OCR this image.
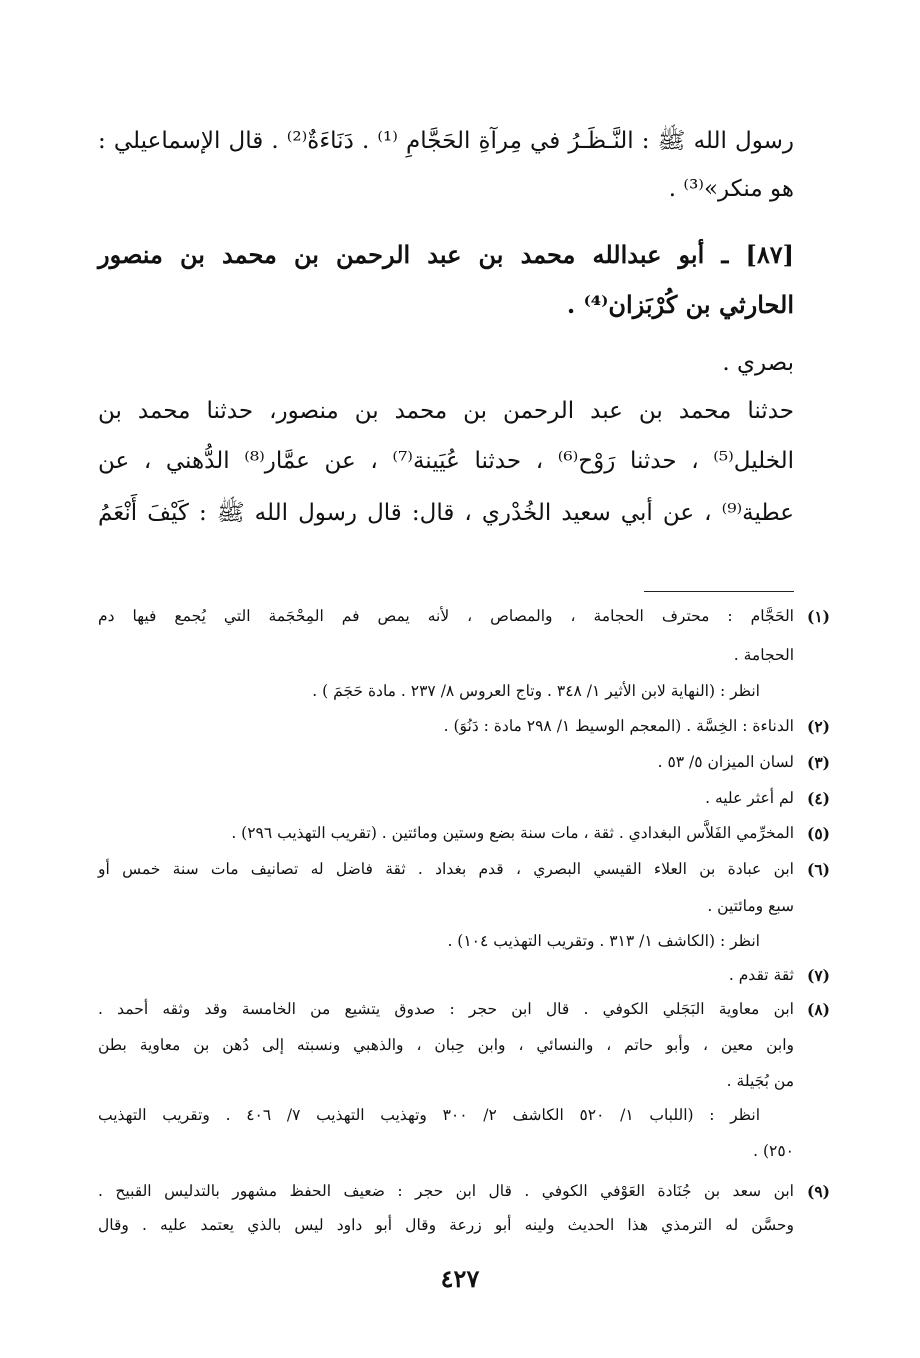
رسول الله ﷺ : النَّـظَـرُ في مِرآةِ الحَجَّامِ ⁽¹⁾ . دَنَاءَةٌ⁽²⁾ . قال الإسماعيلي :
هو منكر»⁽³⁾ .
[٨٧] ـ أبو عبدالله محمد بن عبد الرحمن بن محمد بن منصور
الحارثي بن كُرْبَزان⁽⁴⁾ .
بصري .
حدثنا محمد بن عبد الرحمن بن محمد بن منصور، حدثنا محمد بن
الخليل⁽⁵⁾ ، حدثنا رَوْح⁽⁶⁾ ، حدثنا عُيَينة⁽⁷⁾ ، عن عمَّار⁽⁸⁾ الدُّهني ، عن
عطية⁽⁹⁾ ، عن أبي سعيد الخُدْري ، قال: قال رسول الله ﷺ : كَيْفَ أَنْعَمُ
(١)
الحَجَّام : محترف الحجامة ، والمصاص ، لأنه يمص فم المِحْجَمة التي يُجمع فيها دم
الحجامة .
انظر : (النهاية لابن الأثير ١/ ٣٤٨ . وتاج العروس ٨/ ٢٣٧ . مادة حَجَمَ ) .
(٢)
الدناءة : الخِسَّة . (المعجم الوسيط ١/ ٢٩٨ مادة : دَنُوَ) .
(٣)
لسان الميزان ٥/ ٥٣ .
(٤)
لم أعثر عليه .
(٥)
المخرِّمي الفَلاَّس البغدادي . ثقة ، مات سنة بضع وستين ومائتين . (تقريب التهذيب ٢٩٦) .
(٦)
ابن عبادة بن العلاء القيسي البصري ، قدم بغداد . ثقة فاضل له تصانيف مات سنة خمس أو
سبع ومائتين .
انظر : (الكاشف ١/ ٣١٣ . وتقريب التهذيب ١٠٤) .
(٧)
ثقة تقدم .
(٨)
ابن معاوية البَجَلي الكوفي . قال ابن حجر : صدوق يتشيع من الخامسة وقد وثقه أحمد .
وابن معين ، وأبو حاتم ، والنسائي ، وابن حِبان ، والذهبي ونسبته إلى دُهن بن معاوية بطن
من بُجَيلة .
انظر : (اللباب ١/ ٥٢٠ الكاشف ٢/ ٣٠٠ وتهذيب التهذيب ٧/ ٤٠٦ . وتقريب التهذيب
٢٥٠) .
(٩)
ابن سعد بن جُنَادة العَوْفي الكوفي . قال ابن حجر : ضعيف الحفظ مشهور بالتدليس القبيح .
وحسَّن له الترمذي هذا الحديث ولينه أبو زرعة وقال أبو داود ليس بالذي يعتمد عليه . وقال
٤٢٧
